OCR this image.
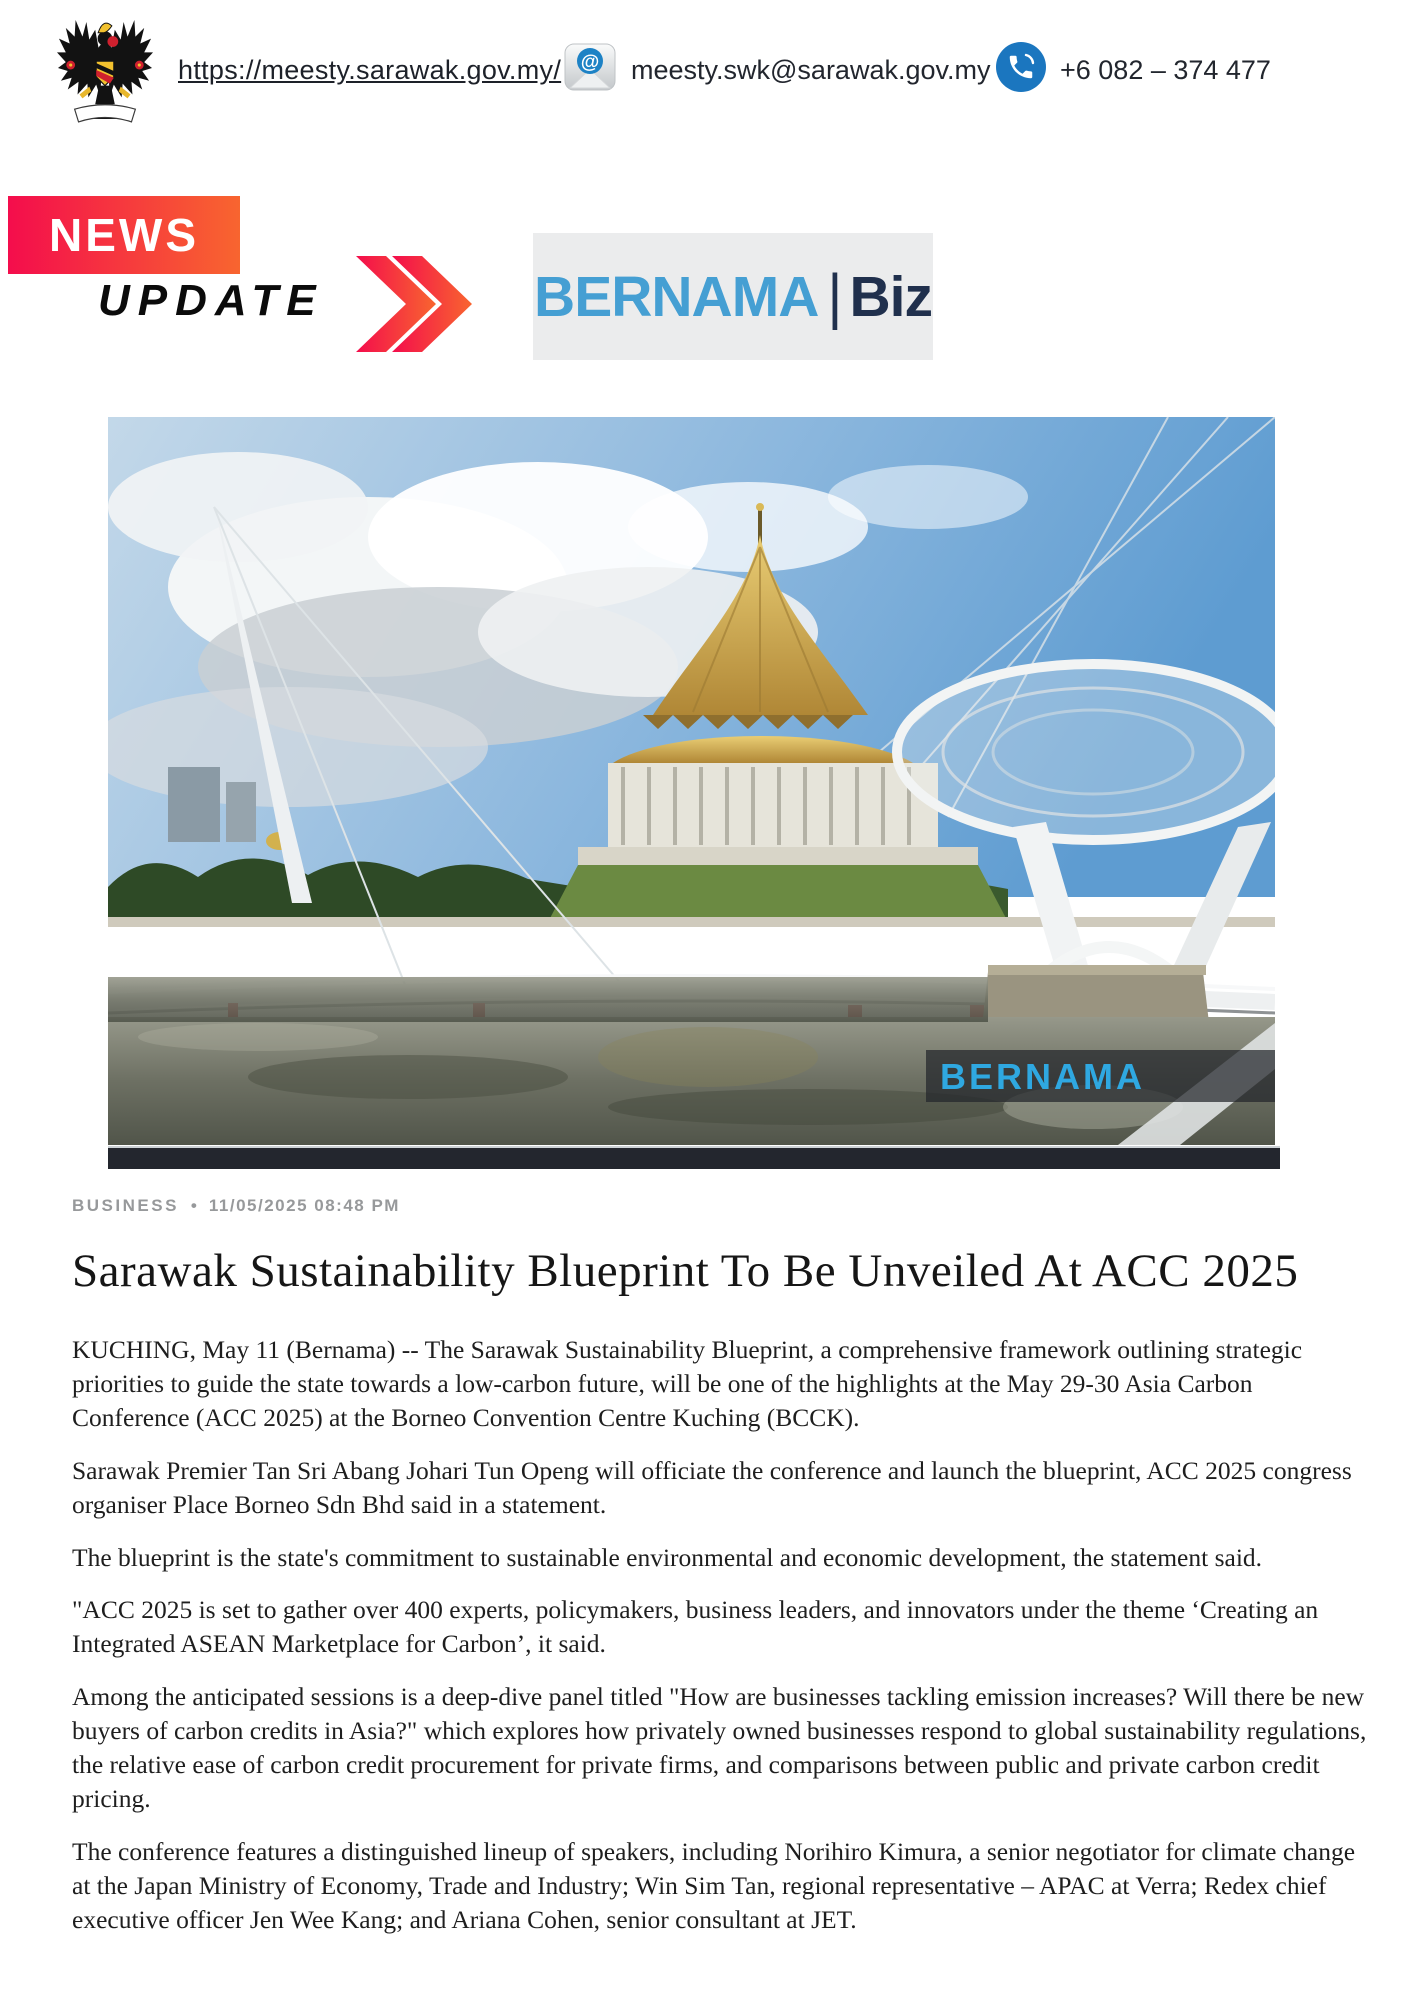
https://meesty.sarawak.gov.my/ @ meesty.swk@sarawak.gov.my	+6 082 – 374 477
NEWS
UPDATE	BERNAMA | Biz
BERNAMA
BUSINESS • 11/05/2025 08:48 PM
Sarawak Sustainability Blueprint To Be Unveiled At ACC 2025

KUCHING, May 11 (Bernama) -- The Sarawak Sustainability Blueprint, a comprehensive framework outlining strategic priorities to guide the state towards a low-carbon future, will be one of the highlights at the May 29-30 Asia Carbon Conference (ACC 2025) at the Borneo Convention Centre Kuching (BCCK).

Sarawak Premier Tan Sri Abang Johari Tun Openg will officiate the conference and launch the blueprint, ACC 2025 congress organiser Place Borneo Sdn Bhd said in a statement.

The blueprint is the state's commitment to sustainable environmental and economic development, the statement said.

"ACC 2025 is set to gather over 400 experts, policymakers, business leaders, and innovators under the theme ‘Creating an Integrated ASEAN Marketplace for Carbon’, it said.

Among the anticipated sessions is a deep-dive panel titled "How are businesses tackling emission increases? Will there be new buyers of carbon credits in Asia?" which explores how privately owned businesses respond to global sustainability regulations, the relative ease of carbon credit procurement for private firms, and comparisons between public and private carbon credit pricing.

The conference features a distinguished lineup of speakers, including Norihiro Kimura, a senior negotiator for climate change at the Japan Ministry of Economy, Trade and Industry; Win Sim Tan, regional representative – APAC at Verra; Redex chief executive officer Jen Wee Kang; and Ariana Cohen, senior consultant at JET.
